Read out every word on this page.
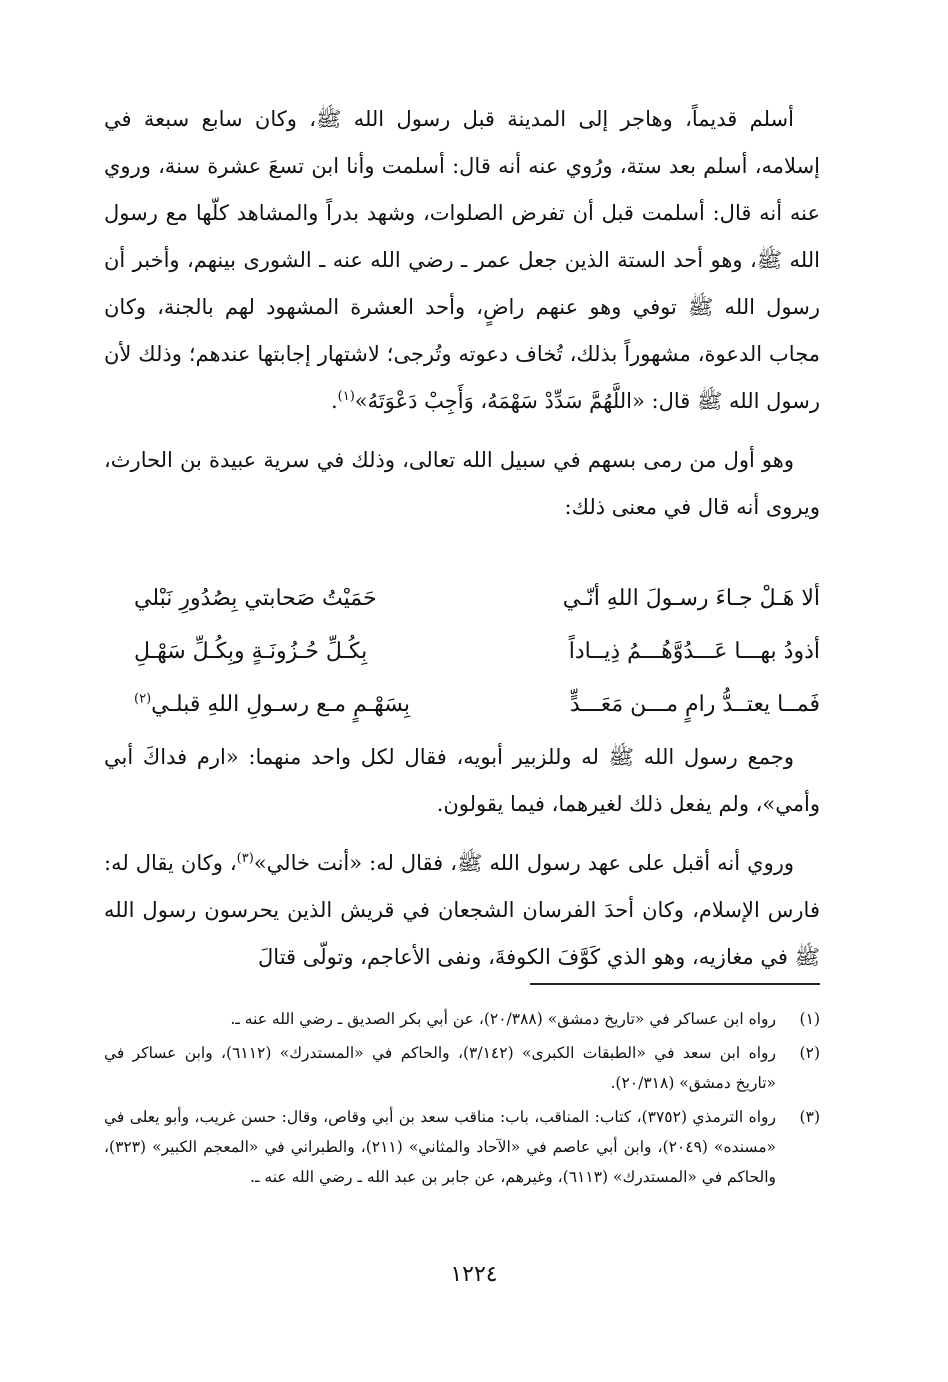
أسلم قديماً، وهاجر إلى المدينة قبل رسول الله ﷺ، وكان سابع سبعة في إسلامه، أسلم بعد ستة، ورُوي عنه أنه قال: أسلمت وأنا ابن تسعَ عشرة سنة، وروي عنه أنه قال: أسلمت قبل أن تفرض الصلوات، وشهد بدراً والمشاهد كلّها مع رسول الله ﷺ، وهو أحد الستة الذين جعل عمر ـ رضي الله عنه ـ الشورى بينهم، وأخبر أن رسول الله ﷺ توفي وهو عنهم راضٍ، وأحد العشرة المشهود لهم بالجنة، وكان مجاب الدعوة، مشهوراً بذلك، تُخاف دعوته وتُرجى؛ لاشتهار إجابتها عندهم؛ وذلك لأن رسول الله ﷺ قال: «اللَّهُمَّ سَدِّدْ سَهْمَهُ، وَأَجِبْ دَعْوَتَهُ»$^{(١)}$.

وهو أول من رمى بسهم في سبيل الله تعالى، وذلك في سرية عبيدة بن الحارث، ويروى أنه قال في معنى ذلك:

ألا هَـلْ جـاءَ رسـولَ اللهِ أنّـي
حَمَيْتُ صَحابتي بِصُدُورِ نَبْلي
أذودُ بهـــا عَـــدُوَّهُـــمُ ذِيــاداً
بِكُـلِّ حُـزُونَـةٍ وبِكُـلِّ سَهْـلِ
فَمــا يعتــدُّ رامٍ مـــن مَعَـــدٍّ
بِسَهْـمٍ مـع رسـولِ اللهِ قبلـي$^{(٢)}$

وجمع رسول الله ﷺ له وللزبير أبويه، فقال لكل واحد منهما: «ارم فداكَ أبي وأمي»، ولم يفعل ذلك لغيرهما، فيما يقولون.

وروي أنه أقبل على عهد رسول الله ﷺ، فقال له: «أنت خالي»$^{(٣)}$، وكان يقال له: فارس الإسلام، وكان أحدَ الفرسان الشجعان في قريش الذين يحرسون رسول الله ﷺ في مغازيه، وهو الذي كَوَّفَ الكوفةَ، ونفى الأعاجم، وتولّى قتالَ

(١)
رواه ابن عساكر في «تاريخ دمشق» (٢٠/٣٨٨)، عن أبي بكر الصديق ـ رضي الله عنه ـ.
(٢)
رواه ابن سعد في «الطبقات الكبرى» (٣/١٤٢)، والحاكم في «المستدرك» (٦١١٢)، وابن عساكر في «تاريخ دمشق» (٢٠/٣١٨).
(٣)
رواه الترمذي (٣٧٥٢)، كتاب: المناقب، باب: مناقب سعد بن أبي وقاص، وقال: حسن غريب، وأبو يعلى في «مسنده» (٢٠٤٩)، وابن أبي عاصم في «الآحاد والمثاني» (٢١١)، والطبراني في «المعجم الكبير» (٣٢٣)، والحاكم في «المستدرك» (٦١١٣)، وغيرهم، عن جابر بن عبد الله ـ رضي الله عنه ـ.
١٢٢٤
